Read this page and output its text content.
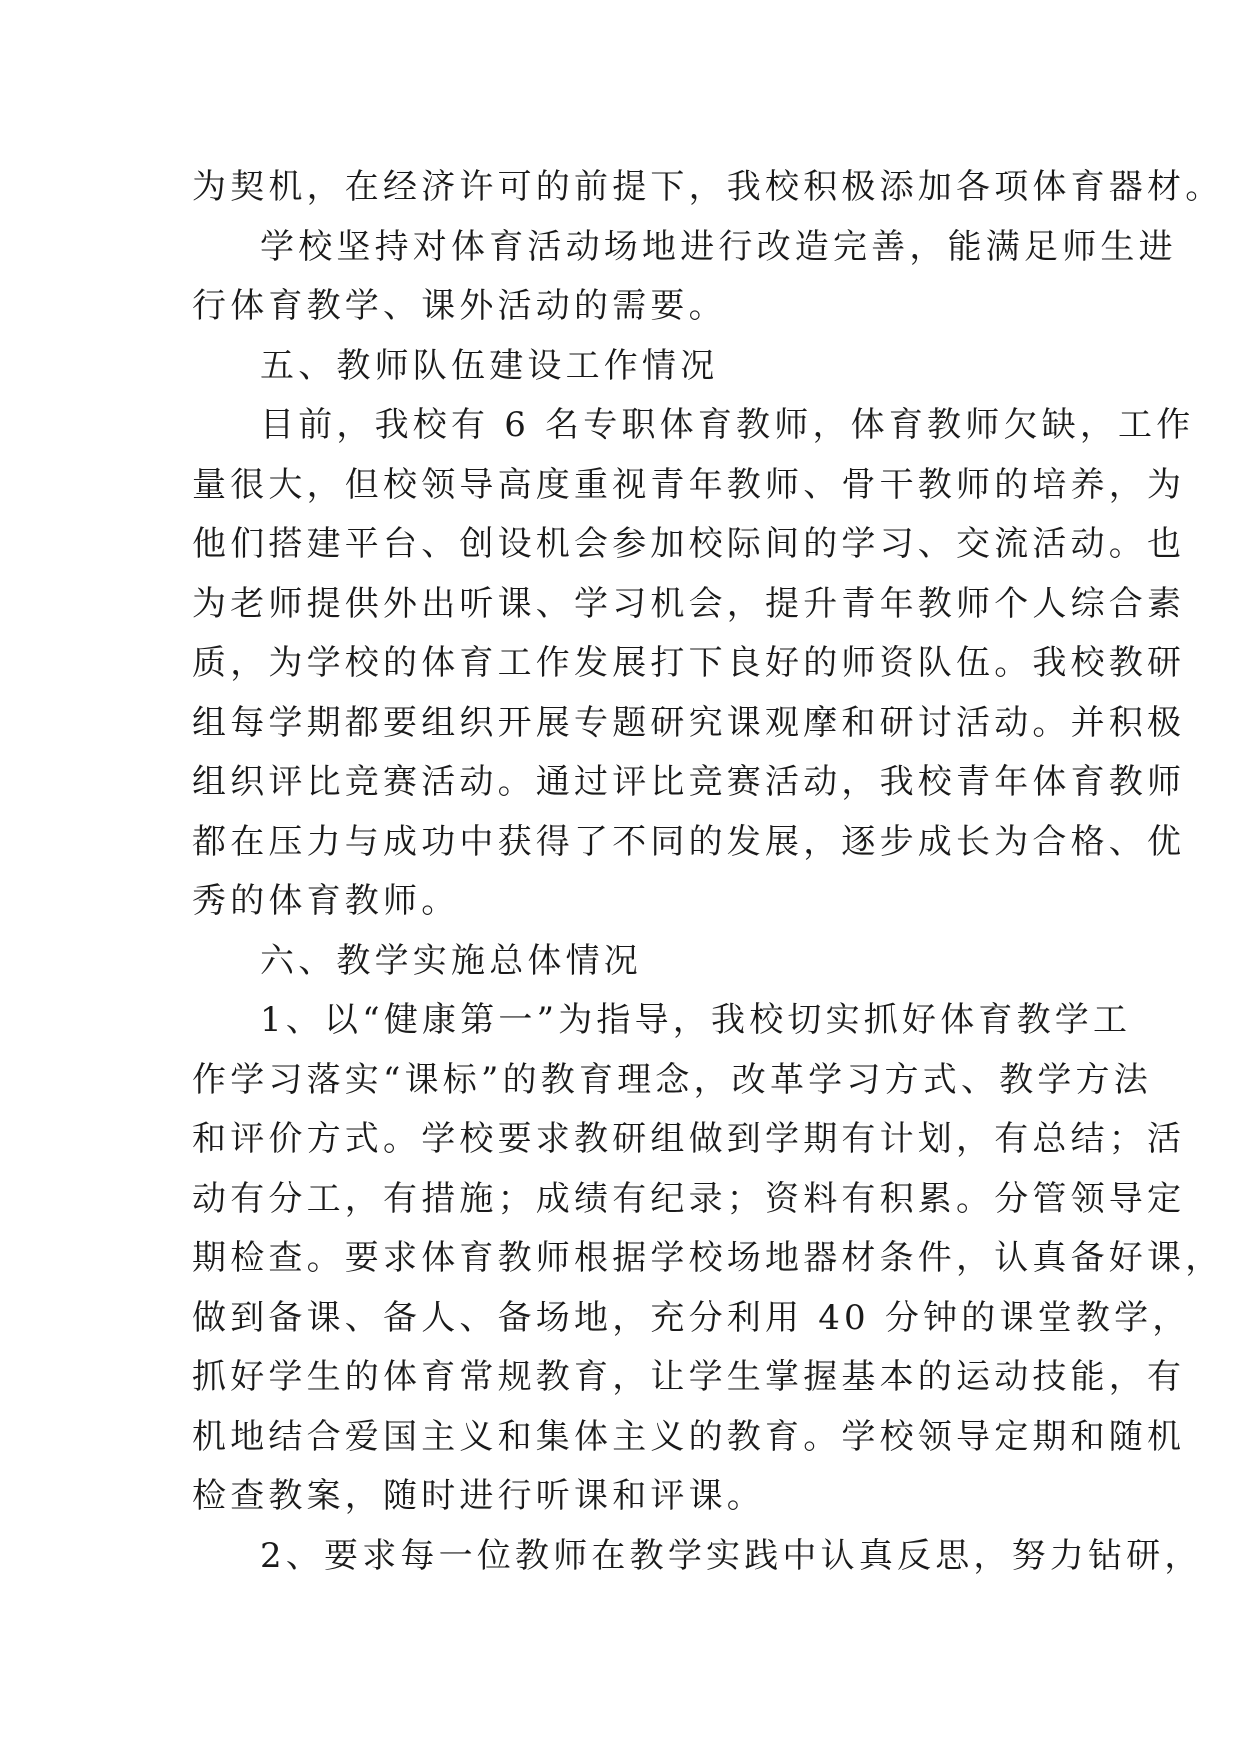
为契机，在经济许可的前提下，我校积极添加各项体育器材。
学校坚持对体育活动场地进行改造完善，能满足师生进
行体育教学、课外活动的需要。
五、教师队伍建设工作情况
目前，我校有 6 名专职体育教师，体育教师欠缺，工作
量很大，但校领导高度重视青年教师、骨干教师的培养，为
他们搭建平台、创设机会参加校际间的学习、交流活动。也
为老师提供外出听课、学习机会，提升青年教师个人综合素
质，为学校的体育工作发展打下良好的师资队伍。我校教研
组每学期都要组织开展专题研究课观摩和研讨活动。并积极
组织评比竞赛活动。通过评比竞赛活动，我校青年体育教师
都在压力与成功中获得了不同的发展，逐步成长为合格、优
秀的体育教师。
六、教学实施总体情况
1、以“健康第一”为指导，我校切实抓好体育教学工
作学习落实“课标”的教育理念，改革学习方式、教学方法
和评价方式。学校要求教研组做到学期有计划，有总结；活
动有分工，有措施；成绩有纪录；资料有积累。分管领导定
期检查。要求体育教师根据学校场地器材条件，认真备好课，
做到备课、备人、备场地，充分利用 40 分钟的课堂教学，
抓好学生的体育常规教育，让学生掌握基本的运动技能，有
机地结合爱国主义和集体主义的教育。学校领导定期和随机
检查教案，随时进行听课和评课。
2、要求每一位教师在教学实践中认真反思，努力钻研，
